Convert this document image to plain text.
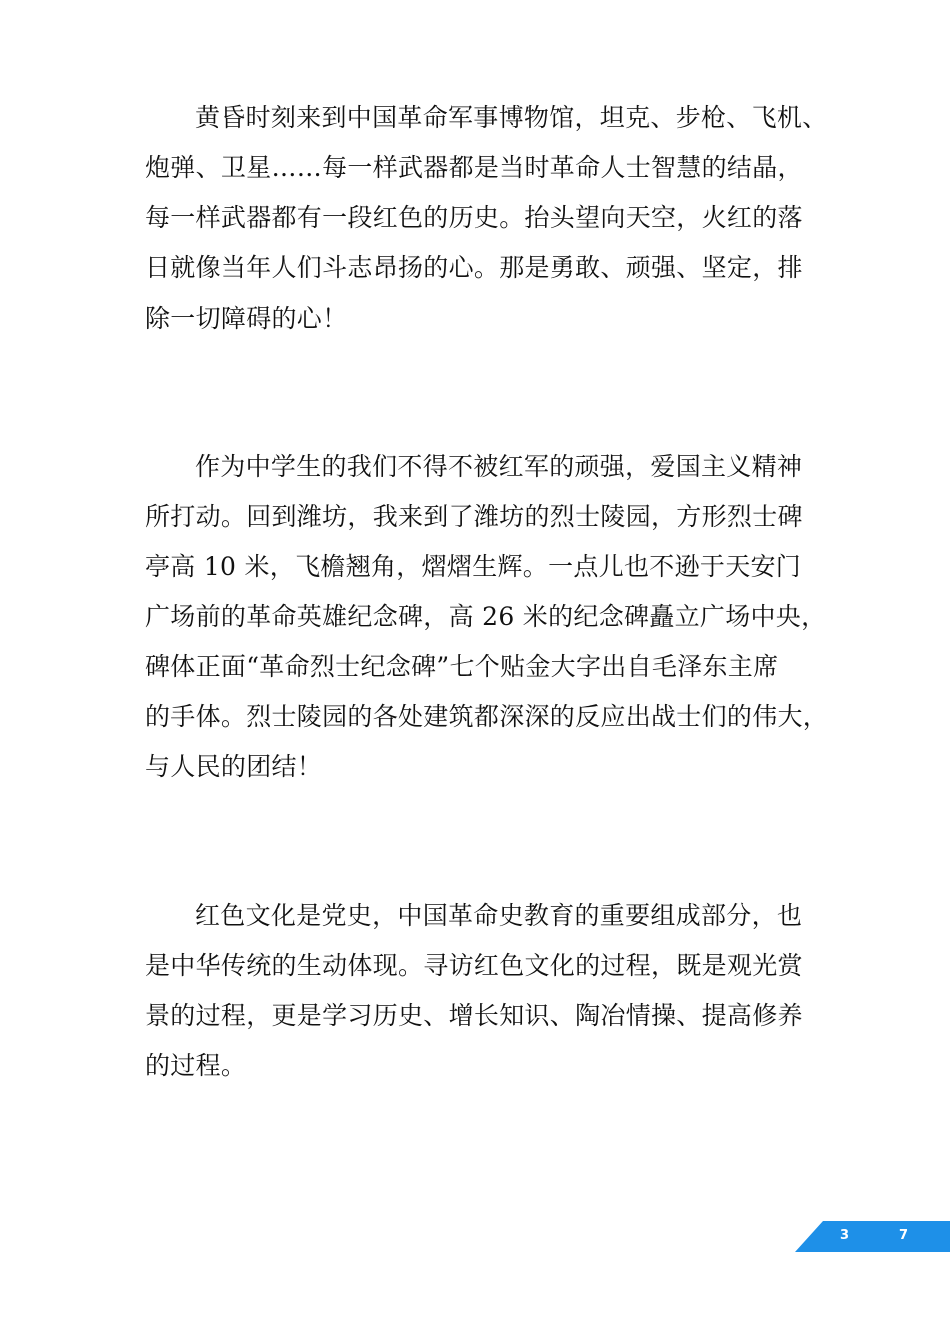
黄昏时刻来到中国革命军事博物馆，坦克、步枪、飞机、
炮弹、卫星……每一样武器都是当时革命人士智慧的结晶，
每一样武器都有一段红色的历史。抬头望向天空，火红的落
日就像当年人们斗志昂扬的心。那是勇敢、顽强、坚定，排
除一切障碍的心！
作为中学生的我们不得不被红军的顽强，爱国主义精神
所打动。回到潍坊，我来到了潍坊的烈士陵园，方形烈士碑
亭高 10 米，飞檐翘角，熠熠生辉。一点儿也不逊于天安门
广场前的革命英雄纪念碑，高 26 米的纪念碑矗立广场中央，
碑体正面“革命烈士纪念碑”七个贴金大字出自毛泽东主席
的手体。烈士陵园的各处建筑都深深的反应出战士们的伟大，
与人民的团结！
红色文化是党史，中国革命史教育的重要组成部分，也
是中华传统的生动体现。寻访红色文化的过程，既是观光赏
景的过程，更是学习历史、增长知识、陶冶情操、提高修养
的过程。
3	7
